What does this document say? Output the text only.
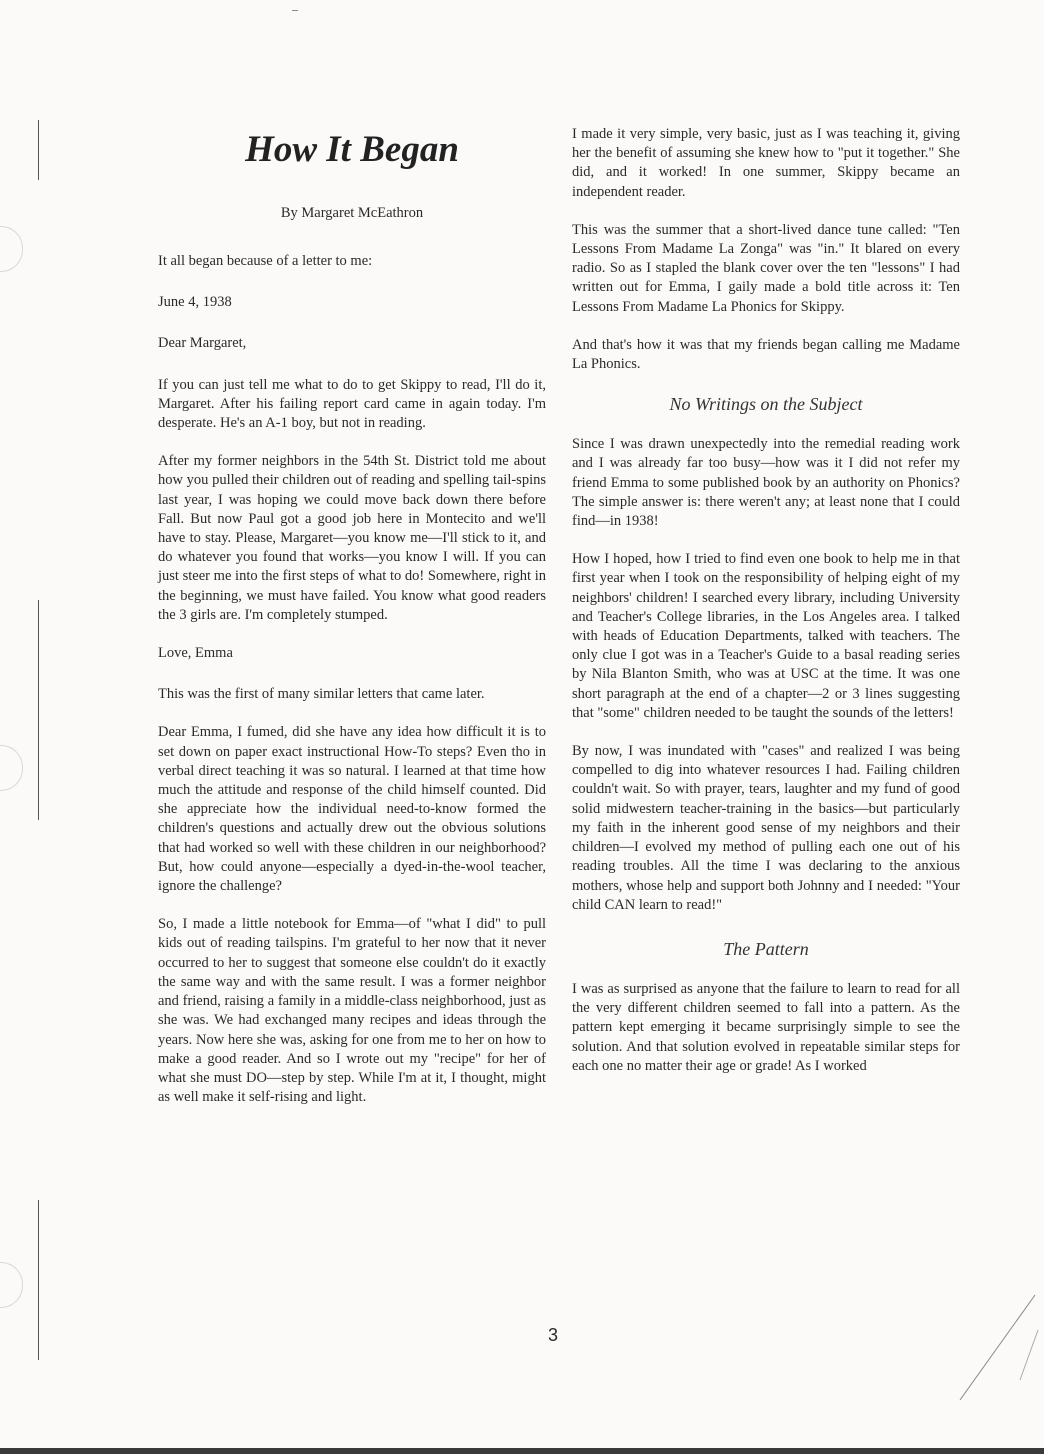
How It Began
By Margaret McEathron

It all began because of a letter to me:

June 4, 1938

Dear Margaret,

If you can just tell me what to do to get Skippy to read, I'll do it, Margaret. After his failing report card came in again today. I'm desperate. He's an A-1 boy, but not in reading.

After my former neighbors in the 54th St. District told me about how you pulled their children out of reading and spelling tail-spins last year, I was hoping we could move back down there before Fall. But now Paul got a good job here in Montecito and we'll have to stay. Please, Margaret—you know me—I'll stick to it, and do whatever you found that works—you know I will. If you can just steer me into the first steps of what to do! Somewhere, right in the beginning, we must have failed. You know what good readers the 3 girls are. I'm completely stumped.

Love, Emma

This was the first of many similar letters that came later.

Dear Emma, I fumed, did she have any idea how difficult it is to set down on paper exact instructional How-To steps? Even tho in verbal direct teaching it was so natural. I learned at that time how much the attitude and response of the child himself counted. Did she appreciate how the individual need-to-know formed the children's questions and actually drew out the obvious solutions that had worked so well with these children in our neighborhood? But, how could anyone—especially a dyed-in-the-wool teacher, ignore the challenge?

So, I made a little notebook for Emma—of "what I did" to pull kids out of reading tailspins. I'm grateful to her now that it never occurred to her to suggest that someone else couldn't do it exactly the same way and with the same result. I was a former neighbor and friend, raising a family in a middle-class neighborhood, just as she was. We had exchanged many recipes and ideas through the years. Now here she was, asking for one from me to her on how to make a good reader. And so I wrote out my "recipe" for her of what she must DO—step by step. While I'm at it, I thought, might as well make it self-rising and light.

I made it very simple, very basic, just as I was teaching it, giving her the benefit of assuming she knew how to "put it together." She did, and it worked! In one summer, Skippy became an independent reader.

This was the summer that a short-lived dance tune called: "Ten Lessons From Madame La Zonga" was "in." It blared on every radio. So as I stapled the blank cover over the ten "lessons" I had written out for Emma, I gaily made a bold title across it: Ten Lessons From Madame La Phonics for Skippy.

And that's how it was that my friends began calling me Madame La Phonics.

No Writings on the Subject

Since I was drawn unexpectedly into the remedial reading work and I was already far too busy—how was it I did not refer my friend Emma to some published book by an authority on Phonics? The simple answer is: there weren't any; at least none that I could find—in 1938!

How I hoped, how I tried to find even one book to help me in that first year when I took on the responsibility of helping eight of my neighbors' children! I searched every library, including University and Teacher's College libraries, in the Los Angeles area. I talked with heads of Education Departments, talked with teachers. The only clue I got was in a Teacher's Guide to a basal reading series by Nila Blanton Smith, who was at USC at the time. It was one short paragraph at the end of a chapter—2 or 3 lines suggesting that "some" children needed to be taught the sounds of the letters!

By now, I was inundated with "cases" and realized I was being compelled to dig into whatever resources I had. Failing children couldn't wait. So with prayer, tears, laughter and my fund of good solid midwestern teacher-training in the basics—but particularly my faith in the inherent good sense of my neighbors and their children—I evolved my method of pulling each one out of his reading troubles. All the time I was declaring to the anxious mothers, whose help and support both Johnny and I needed: "Your child CAN learn to read!"

The Pattern

I was as surprised as anyone that the failure to learn to read for all the very different children seemed to fall into a pattern. As the pattern kept emerging it became surprisingly simple to see the solution. And that solution evolved in repeatable similar steps for each one no matter their age or grade! As I worked

3
